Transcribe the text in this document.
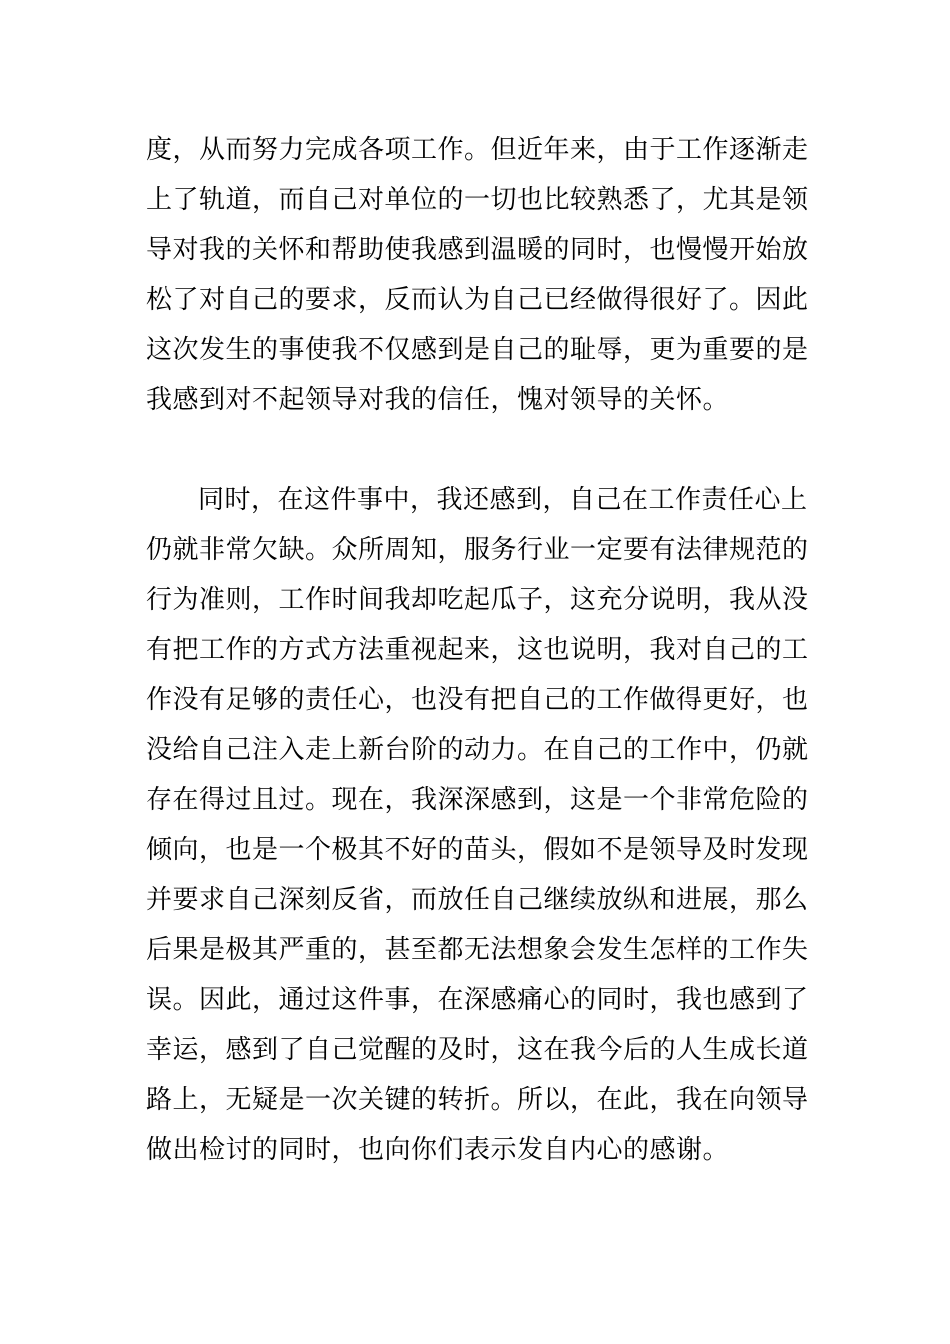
度，从而努力完成各项工作。但近年来，由于工作逐渐走
上了轨道，而自己对单位的一切也比较熟悉了，尤其是领
导对我的关怀和帮助使我感到温暖的同时，也慢慢开始放
松了对自己的要求，反而认为自己已经做得很好了。因此
这次发生的事使我不仅感到是自己的耻辱，更为重要的是
我感到对不起领导对我的信任，愧对领导的关怀。
同时，在这件事中，我还感到，自己在工作责任心上
仍就非常欠缺。众所周知，服务行业一定要有法律规范的
行为准则，工作时间我却吃起瓜子，这充分说明，我从没
有把工作的方式方法重视起来，这也说明，我对自己的工
作没有足够的责任心，也没有把自己的工作做得更好，也
没给自己注入走上新台阶的动力。在自己的工作中，仍就
存在得过且过。现在，我深深感到，这是一个非常危险的
倾向，也是一个极其不好的苗头，假如不是领导及时发现
并要求自己深刻反省，而放任自己继续放纵和进展，那么
后果是极其严重的，甚至都无法想象会发生怎样的工作失
误。因此，通过这件事，在深感痛心的同时，我也感到了
幸运，感到了自己觉醒的及时，这在我今后的人生成长道
路上，无疑是一次关键的转折。所以，在此，我在向领导
做出检讨的同时，也向你们表示发自内心的感谢。
